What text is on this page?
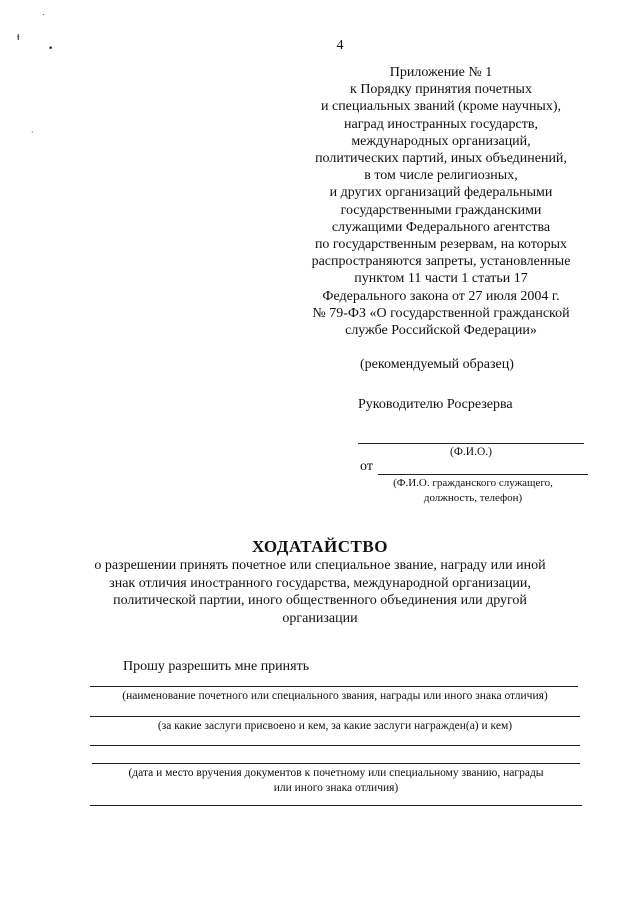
ᵼ
˙
•
·
4
Приложение № 1
к Порядку принятия почетных
и специальных званий (кроме научных),
наград иностранных государств,
международных организаций,
политических партий, иных объединений,
в том числе религиозных,
и других организаций федеральными
государственными гражданскими
служащими Федерального агентства
по государственным резервам, на которых
распространяются запреты, установленные
пунктом 11 части 1 статьи 17
Федерального закона от 27 июля 2004 г.
№ 79-ФЗ «О государственной гражданской
службе Российской Федерации»
(рекомендуемый образец)
Руководителю Росрезерва
(Ф.И.О.)
от
(Ф.И.О. гражданского служащего,
должность, телефон)
ХОДАТАЙСТВО
о разрешении принять почетное или специальное звание, награду или иной
знак отличия иностранного государства, международной организации,
политической партии, иного общественного объединения или другой
организации
Прошу разрешить мне принять
(наименование почетного или специального звания, награды или иного знака отличия)
(за какие заслуги присвоено и кем, за какие заслуги награжден(а) и кем)
(дата и место вручения документов к почетному или специальному званию, награды
или иного знака отличия)
